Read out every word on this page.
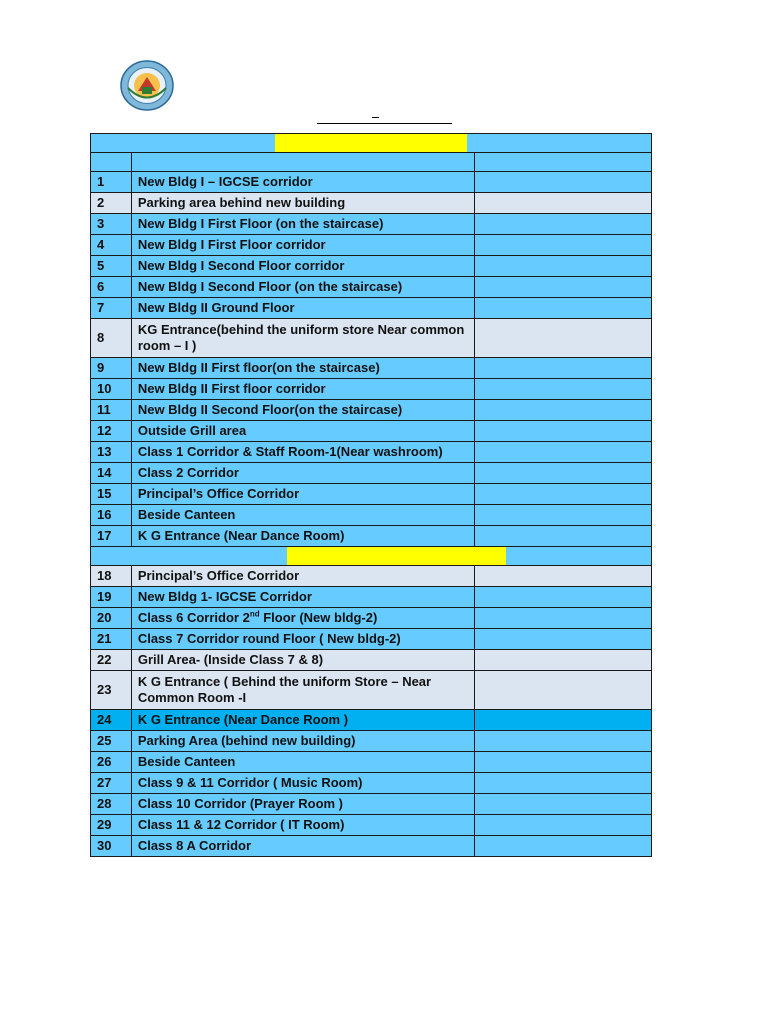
1	New Bldg I – IGCSE corridor	
2	Parking area behind new building	
3	New Bldg I First Floor (on the staircase)	
4	New Bldg I First Floor corridor	
5	New Bldg I Second Floor corridor	
6	New Bldg I Second Floor (on the staircase)	
7	New Bldg II Ground Floor	
8	KG Entrance(behind the uniform store Near common room – I )	
9	New Bldg II First floor(on the staircase)	
10	New Bldg II First floor corridor	
11	New Bldg II Second Floor(on the staircase)	
12	Outside Grill area	
13	Class 1 Corridor & Staff Room-1(Near washroom)	
14	Class 2 Corridor	
15	Principal’s Office Corridor	
16	Beside Canteen	
17	K G Entrance (Near Dance Room)	

18	Principal’s Office Corridor	
19	New Bldg 1- IGCSE Corridor	
20	Class 6 Corridor 2nd Floor (New bldg-2)	
21	Class 7 Corridor round Floor ( New bldg-2)	
22	Grill Area- (Inside Class 7 & 8)	
23	K G Entrance ( Behind the uniform Store – Near Common Room -I	
24	K G Entrance (Near Dance Room )	
25	Parking Area (behind new building)	
26	Beside Canteen	
27	Class 9 & 11 Corridor ( Music Room)	
28	Class 10 Corridor (Prayer Room )	
29	Class 11 & 12 Corridor ( IT Room)	
30	Class 8 A Corridor	
